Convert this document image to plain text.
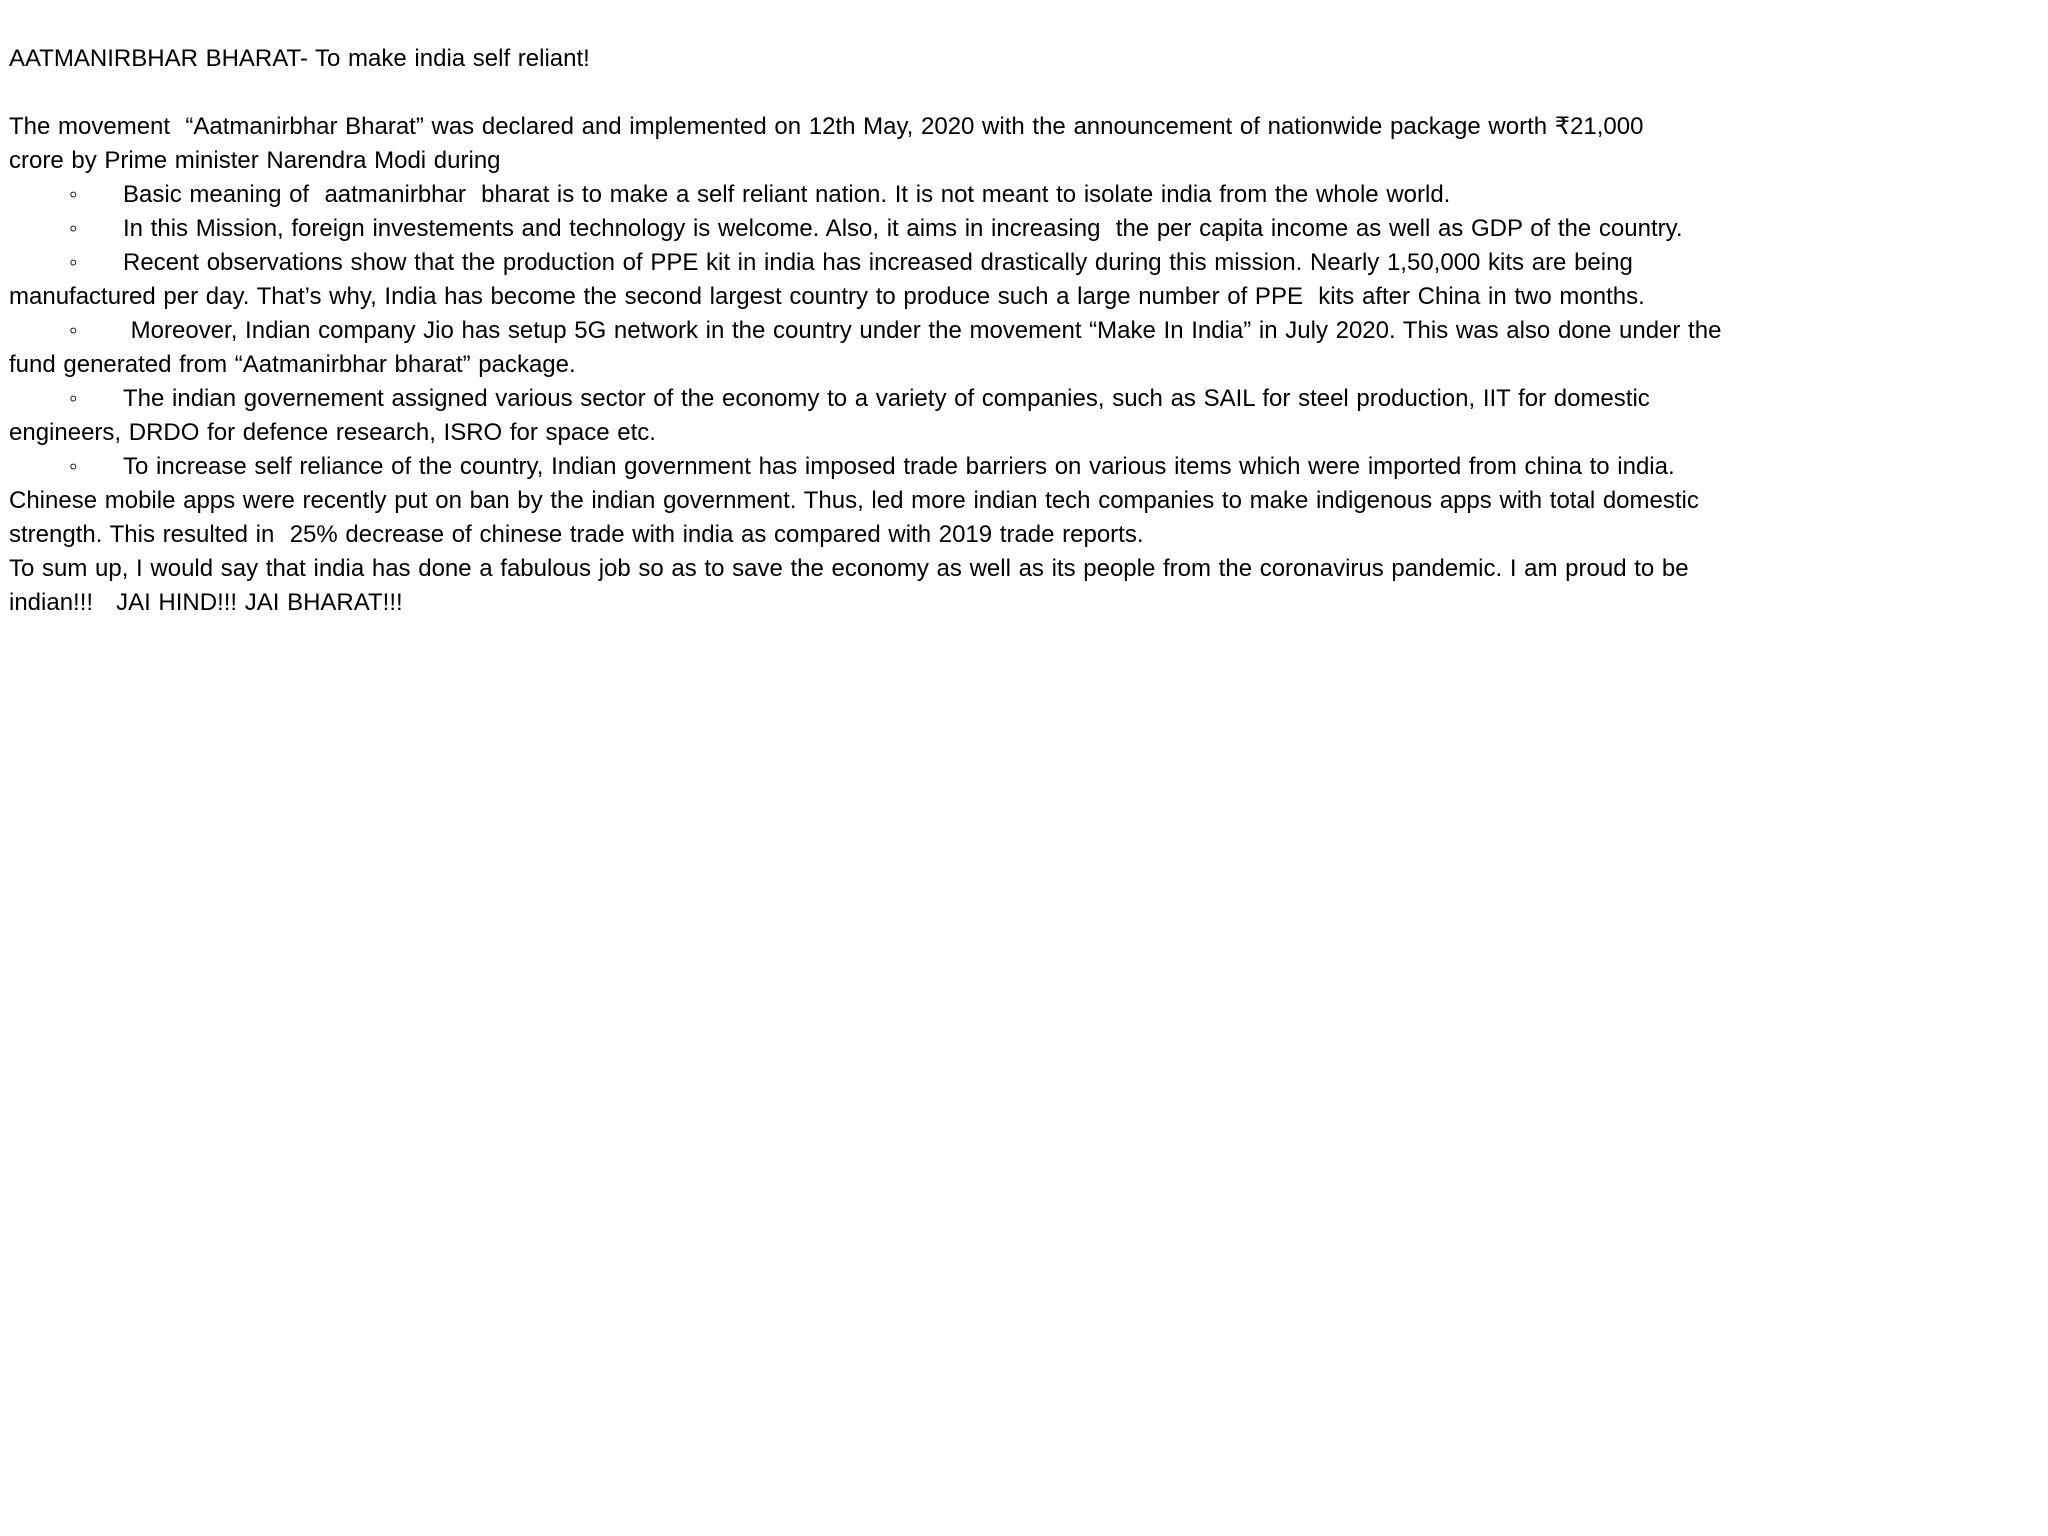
AATMANIRBHAR BHARAT- To make india self reliant!
The movement  “Aatmanirbhar Bharat” was declared and implemented on 12th May, 2020 with the announcement of nationwide package worth ₹21,000
crore by Prime minister Narendra Modi during
◦ Basic meaning of  aatmanirbhar  bharat is to make a self reliant nation. It is not meant to isolate india from the whole world.
◦ In this Mission, foreign investements and technology is welcome. Also, it aims in increasing  the per capita income as well as GDP of the country.
◦ Recent observations show that the production of PPE kit in india has increased drastically during this mission. Nearly 1,50,000 kits are being
manufactured per day. That’s why, India has become the second largest country to produce such a large number of PPE  kits after China in two months.
◦ Moreover, Indian company Jio has setup 5G network in the country under the movement “Make In India” in July 2020. This was also done under the
fund generated from “Aatmanirbhar bharat” package.
◦ The indian governement assigned various sector of the economy to a variety of companies, such as SAIL for steel production, IIT for domestic
engineers, DRDO for defence research, ISRO for space etc.
◦ To increase self reliance of the country, Indian government has imposed trade barriers on various items which were imported from china to india.
Chinese mobile apps were recently put on ban by the indian government. Thus, led more indian tech companies to make indigenous apps with total domestic
strength. This resulted in  25% decrease of chinese trade with india as compared with 2019 trade reports.
To sum up, I would say that india has done a fabulous job so as to save the economy as well as its people from the coronavirus pandemic. I am proud to be
indian!!!   JAI HIND!!! JAI BHARAT!!!
